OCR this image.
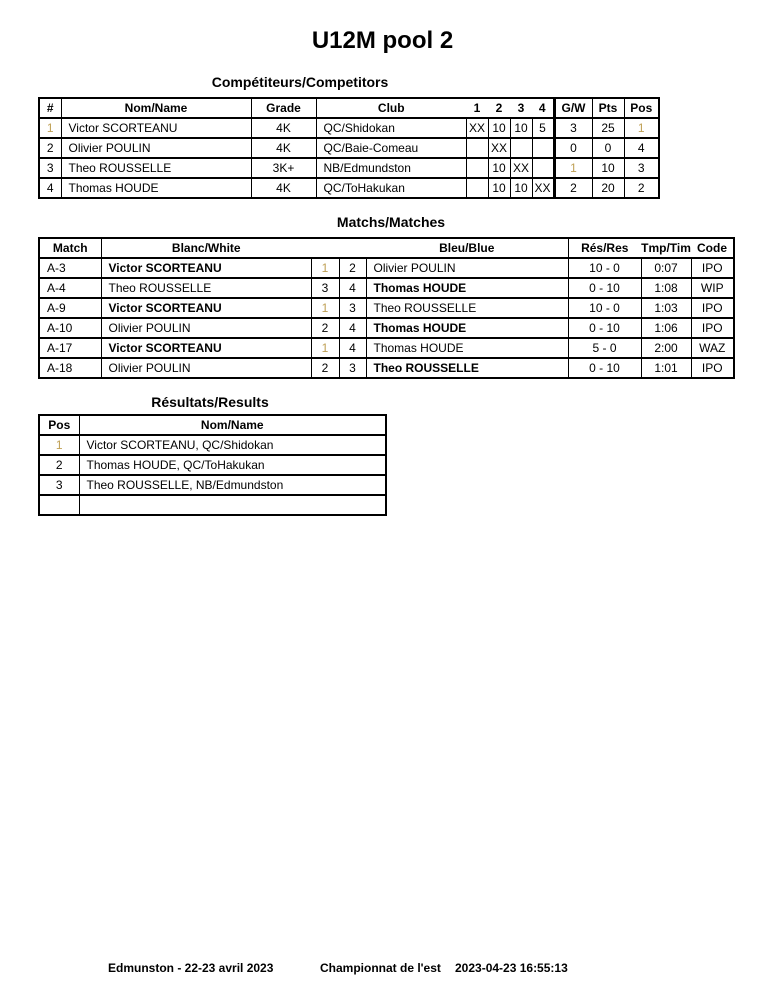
U12M pool 2
Compétiteurs/Competitors
#	Nom/Name	Grade	Club	1	2	3	4	G/W	Pts	Pos
1	Victor SCORTEANU	4K	QC/Shidokan	XX	10	10	5	3	25	1
2	Olivier POULIN	4K	QC/Baie-Comeau		XX			0	0	4
3	Theo ROUSSELLE	3K+	NB/Edmundston		10	XX		1	10	3
4	Thomas HOUDE	4K	QC/ToHakukan		10	10	XX	2	20	2
Matchs/Matches
Match	Blanc/White			Bleu/Blue	Rés/Res	Tmp/Tim	Code
A-3	Victor SCORTEANU	1	2	Olivier POULIN	10 - 0	0:07	IPO
A-4	Theo ROUSSELLE	3	4	Thomas HOUDE	0 - 10	1:08	WIP
A-9	Victor SCORTEANU	1	3	Theo ROUSSELLE	10 - 0	1:03	IPO
A-10	Olivier POULIN	2	4	Thomas HOUDE	0 - 10	1:06	IPO
A-17	Victor SCORTEANU	1	4	Thomas HOUDE	5 - 0	2:00	WAZ
A-18	Olivier POULIN	2	3	Theo ROUSSELLE	0 - 10	1:01	IPO
Résultats/Results
Pos	Nom/Name
1	Victor SCORTEANU, QC/Shidokan
2	Thomas HOUDE, QC/ToHakukan
3	Theo ROUSSELLE, NB/Edmundston

Edmunston - 22-23 avril 2023	Championnat de l'est 2023-04-23 16:55:13
